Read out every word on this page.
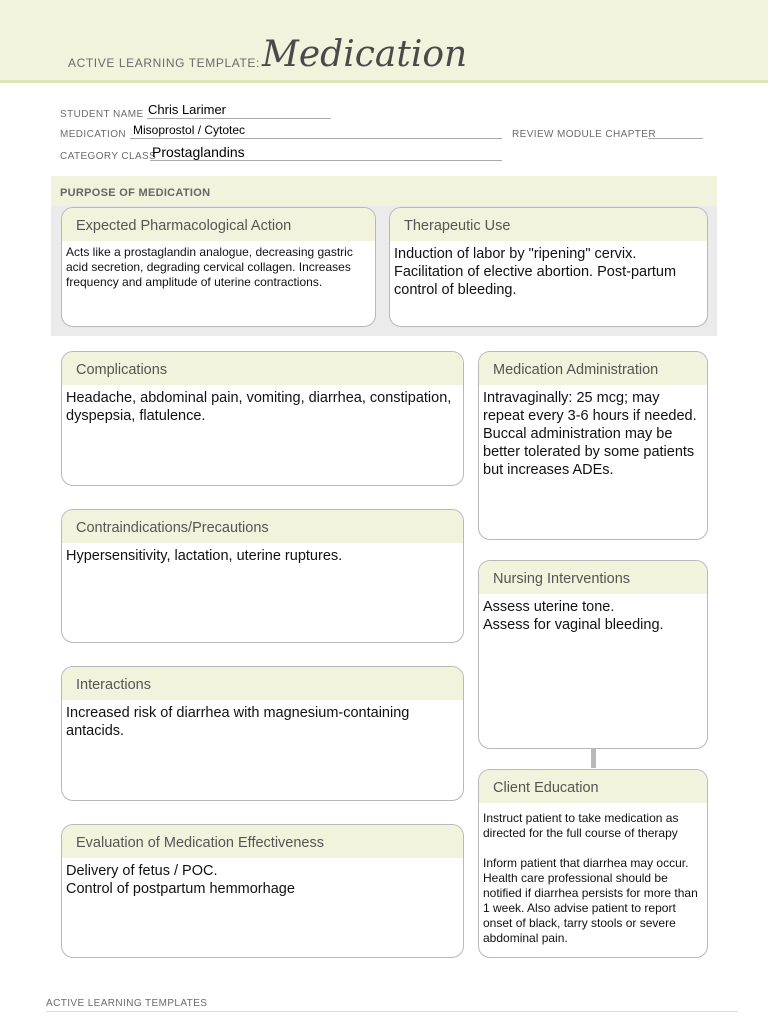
ACTIVE LEARNING TEMPLATE: Medication
STUDENT NAME Chris Larimer
MEDICATION Misoprostol / Cytotec	REVIEW MODULE CHAPTER
CATEGORY CLASS
Prostaglandins
PURPOSE OF MEDICATION
Expected Pharmacological Action
Acts like a prostaglandin analogue, decreasing gastric acid secretion, degrading cervical collagen. Increases frequency and amplitude of uterine contractions.
Therapeutic Use
Induction of labor by "ripening" cervix.
Facilitation of elective abortion. Post-partum control of bleeding.
Complications
Headache, abdominal pain, vomiting, diarrhea, constipation, dyspepsia, flatulence.
Contraindications/Precautions
Hypersensitivity, lactation, uterine ruptures.
Interactions
Increased risk of diarrhea with magnesium-containing antacids.
Evaluation of Medication Effectiveness
Delivery of fetus / POC.
Control of postpartum hemmorhage
Medication Administration
Intravaginally: 25 mcg; may repeat every 3-6 hours if needed.
Buccal administration may be better tolerated by some patients but increases ADEs.
Nursing Interventions
Assess uterine tone.
Assess for vaginal bleeding.
Client Education
Instruct patient to take medication as directed for the full course of therapy

Inform patient that diarrhea may occur. Health care professional should be notified if diarrhea persists for more than 1 week. Also advise patient to report onset of black, tarry stools or severe abdominal pain.
ACTIVE LEARNING TEMPLATES
